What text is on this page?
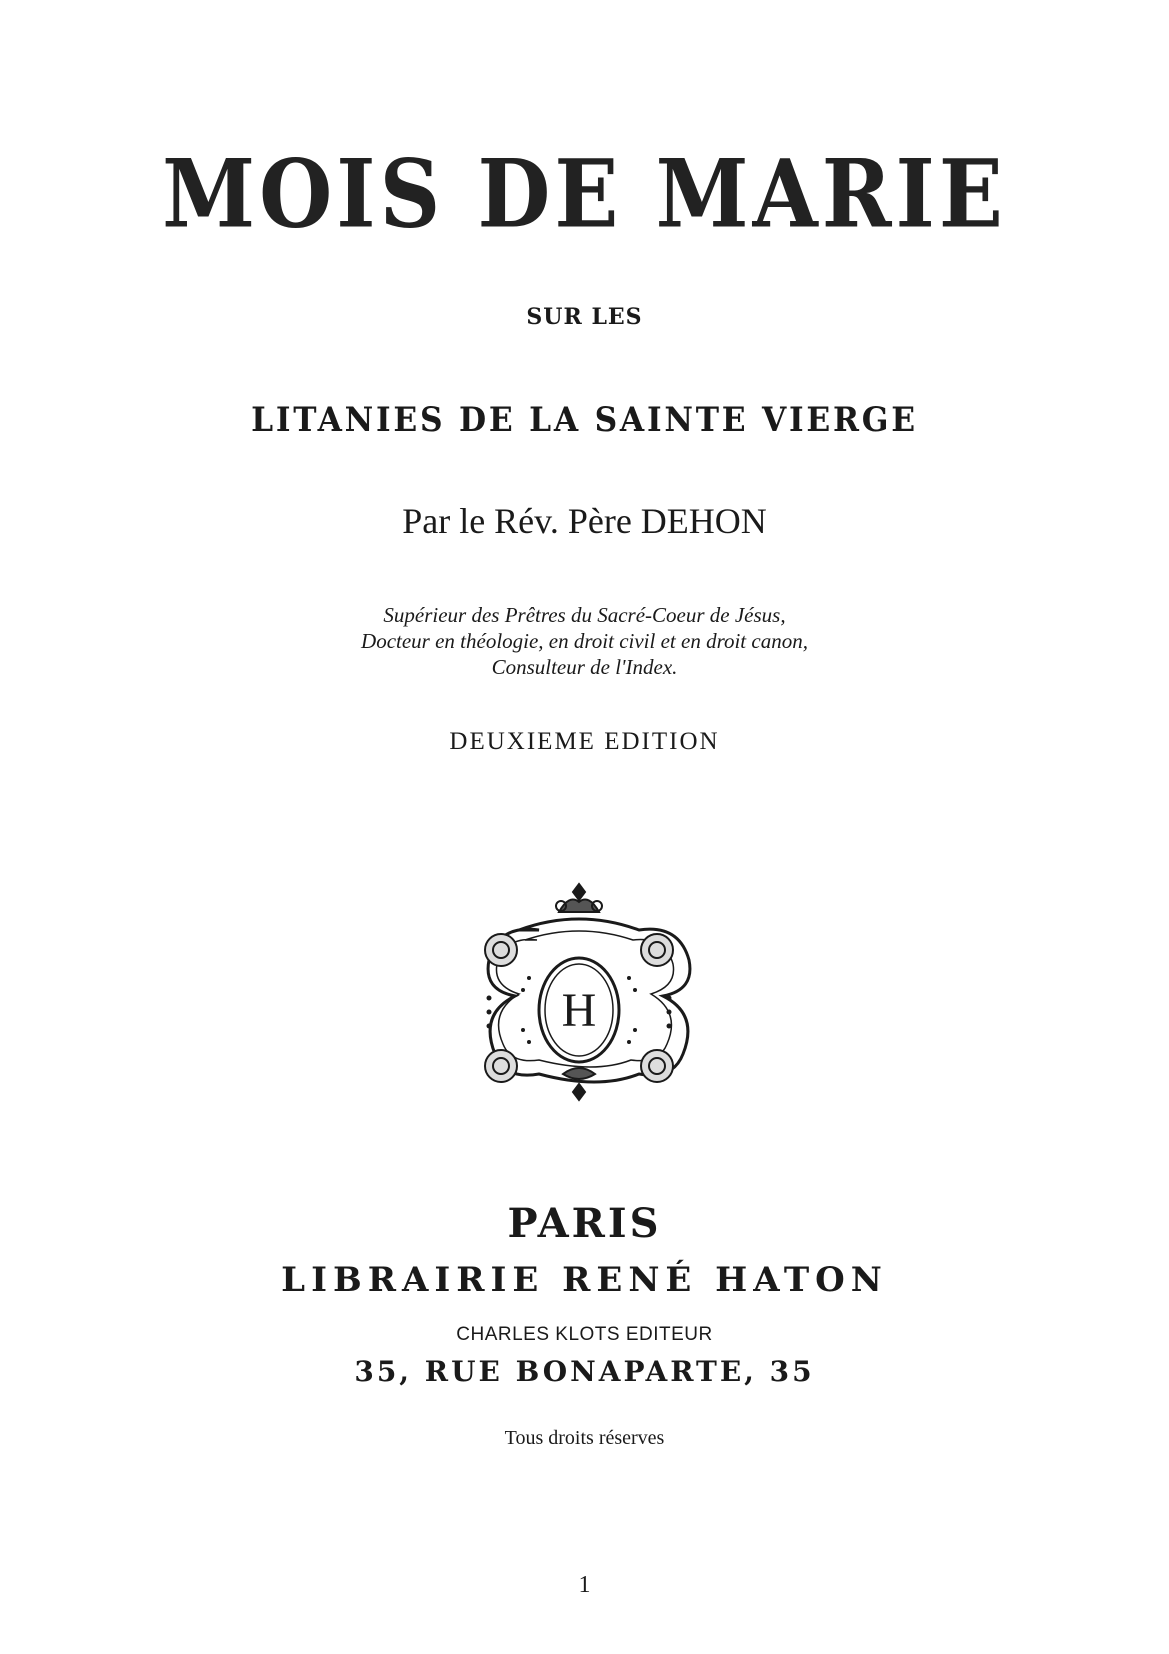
MOIS DE MARIE
SUR LES
LITANIES DE LA SAINTE VIERGE
Par le Rév. Père DEHON
Supérieur des Prêtres du Sacré-Coeur de Jésus,
Docteur en théologie, en droit civil et en droit canon,
Consulteur de l'Index.
DEUXIEME EDITION
H
PARIS
LIBRAIRIE RENÉ HATON
CHARLES KLOTS EDITEUR
35, RUE BONAPARTE, 35
Tous droits réserves
1
